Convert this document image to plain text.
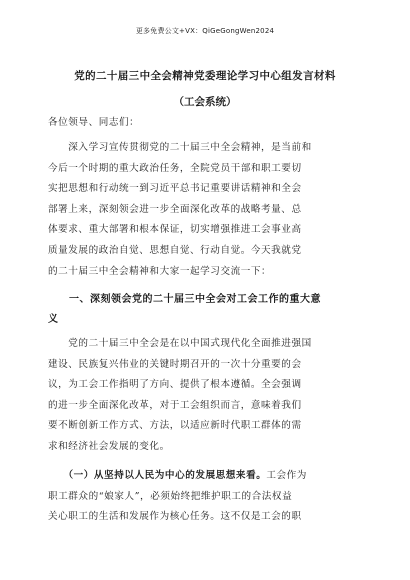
更多免费公文+VX：QiGeGongWen2024
党的二十届三中全会精神党委理论学习中心组发言材料
（工会系统）
各位领导、同志们：
　　深入学习宣传贯彻党的二十届三中全会精神，是当前和
今后一个时期的重大政治任务，全院党员干部和职工要切
实把思想和行动统一到习近平总书记重要讲话精神和全会
部署上来，深刻领会进一步全面深化改革的战略考量、总
体要求、重大部署和根本保证，切实增强推进工会事业高
质量发展的政治自觉、思想自觉、行动自觉。今天我就党
的二十届三中全会精神和大家一起学习交流一下：
　　一、深刻领会党的二十届三中全会对工会工作的重大意
义
　　党的二十届三中全会是在以中国式现代化全面推进强国
建设、民族复兴伟业的关键时期召开的一次十分重要的会
议，为工会工作指明了方向、提供了根本遵循。全会强调
的进一步全面深化改革，对于工会组织而言，意味着我们
要不断创新工作方式、方法，以适应新时代职工群体的需
求和经济社会发展的变化。
　　（一）从坚持以人民为中心的发展思想来看。工会作为
职工群众的“娘家人”，必须始终把维护职工的合法权益
关心职工的生活和发展作为核心任务。这不仅是工会的职
